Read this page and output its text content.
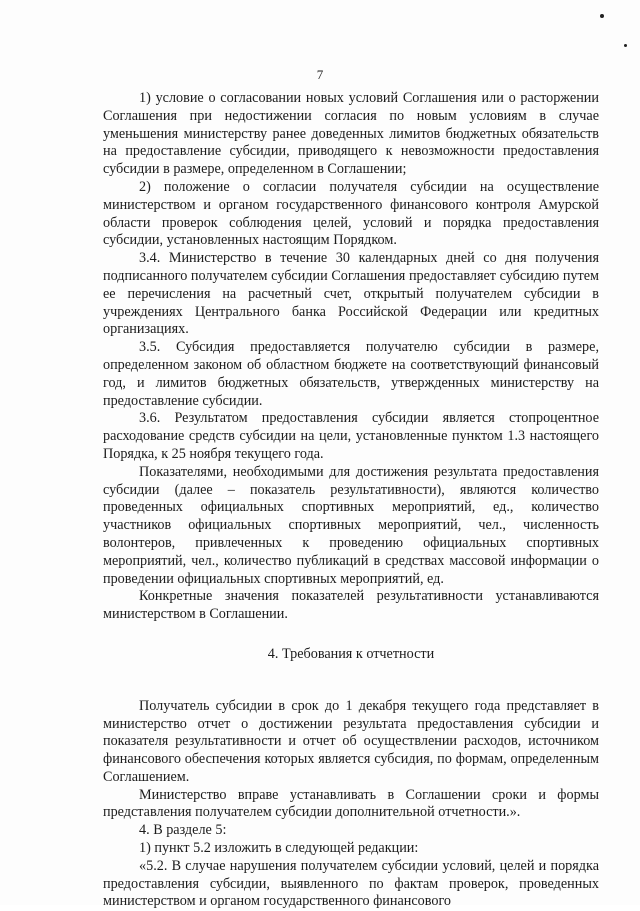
7

1) условие о согласовании новых условий Соглашения или о расторжении Соглашения при недостижении согласия по новым условиям в случае уменьшения министерству ранее доведенных лимитов бюджетных обязательств на предоставление субсидии, приводящего к невозможности предоставления субсидии в размере, определенном в Соглашении;

2) положение о согласии получателя субсидии на осуществление министерством и органом государственного финансового контроля Амурской области проверок соблюдения целей, условий и порядка предоставления субсидии, установленных настоящим Порядком.

3.4. Министерство в течение 30 календарных дней со дня получения подписанного получателем субсидии Соглашения предоставляет субсидию путем ее перечисления на расчетный счет, открытый получателем субсидии в учреждениях Центрального банка Российской Федерации или кредитных организациях.

3.5. Субсидия предоставляется получателю субсидии в размере, определенном законом об областном бюджете на соответствующий финансовый год, и лимитов бюджетных обязательств, утвержденных министерству на предоставление субсидии.

3.6. Результатом предоставления субсидии является стопроцентное расходование средств субсидии на цели, установленные пунктом 1.3 настоящего Порядка, к 25 ноября текущего года.

Показателями, необходимыми для достижения результата предоставления субсидии (далее – показатель результативности), являются количество проведенных официальных спортивных мероприятий, ед., количество участников официальных спортивных мероприятий, чел., численность волонтеров, привлеченных к проведению официальных спортивных мероприятий, чел., количество публикаций в средствах массовой информации о проведении официальных спортивных мероприятий, ед.

Конкретные значения показателей результативности устанавливаются министерством в Соглашении.

4. Требования к отчетности

Получатель субсидии в срок до 1 декабря текущего года представляет в министерство отчет о достижении результата предоставления субсидии и показателя результативности и отчет об осуществлении расходов, источником финансового обеспечения которых является субсидия, по формам, определенным Соглашением.

Министерство вправе устанавливать в Соглашении сроки и формы представления получателем субсидии дополнительной отчетности.».

4. В разделе 5:

1) пункт 5.2 изложить в следующей редакции:

«5.2. В случае нарушения получателем субсидии условий, целей и порядка предоставления субсидии, выявленного по фактам проверок, проведенных министерством и органом государственного финансового
